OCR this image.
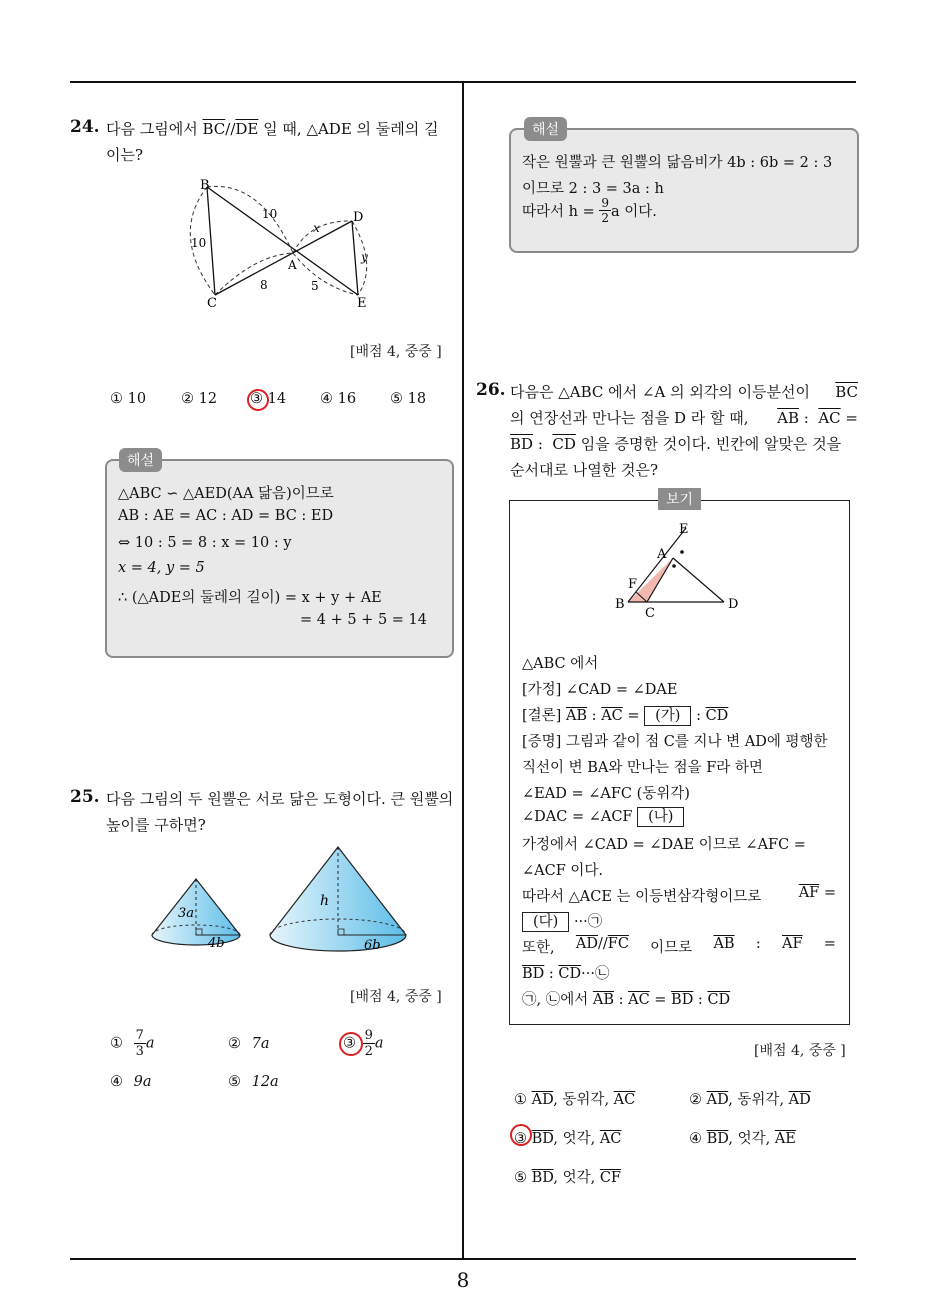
24. 다음 그림에서 $\overline{BC}//\overline{DE}$ 일 때, △ADE 의 둘레의 길
이는?
B
C
D
E
A
10
10
x
y
8	5
[배점 4, 중중 ]
① 10 ② 12 ③ 14 ④ 16 ⑤ 18
해설
△ABC ∽ △AED(AA 닮음)이므로
AB : AE = AC : AD = BC : ED
⇔ 10 : 5 = 8 : x = 10 : y
x = 4, y = 5
∴ (△ADE의 둘레의 길이) = x + y + AE
= 4 + 5 + 5 = 14
25. 다음 그림의 두 원뿔은 서로 닮은 도형이다. 큰 원뿔의
높이를 구하면?
3a
4b
h
6b
[배점 4, 중중 ]
① $\frac{7}{3}$ a	② 7a	③ $\frac{9}{2}$ a
④ 9a	⑤ 12a
해설
작은 원뿔과 큰 원뿔의 닮음비가 4b : 6b = 2 : 3
이므로 2 : 3 = 3a : h
따라서 $h = \frac{9}{2}$ a 이다.
26. 다음은 △ABC 에서 ∠A 의 외각의 이등분선이 $\overline{BC}$
의 연장선과 만나는 점을 D 라 할 때, $\overline{AB}$ :  $\overline{AC}$ =
$\overline{BD}$ :  $\overline{CD}$ 임을 증명한 것이다. 빈칸에 알맞은 것을
순서대로 나열한 것은?
보기
E
A
F
B
C
D
△ABC 에서
[가정] ∠CAD = ∠DAE
[결론] $\overline{AB}$ : $\overline{AC}$ = (가) : $\overline{CD}$
[증명] 그림과 같이 점 C를 지나 변 AD에 평행한
직선이 변 BA와 만나는 점을 F라 하면
∠EAD = ∠AFC (동위각)
∠DAC = ∠ACF (나)
가정에서 ∠CAD = ∠DAE 이므로 ∠AFC =
∠ACF 이다.
따라서 △ACE 는 이등변삼각형이므로	$\overline{AF}$ =
(다) ···㉠
또한, $\overline{AD}//\overline{FC}$ 이므로 $\overline{AB}$ : $\overline{AF}$ =
$\overline{BD}$ : $\overline{CD}\cdot\cdot\cdot㉡$
㉠, ㉡에서 $\overline{AB}$ : $\overline{AC} = \overline{BD}$ : $\overline{CD}$
[배점 4, 중중 ]
① $\overline{AD}$, 동위각, $\overline{AC}$	② $\overline{AD}$, 동위각, $\overline{AD}$
③ $\overline{BD}$, 엇각, $\overline{AC}$	④ $\overline{BD}$, 엇각, $\overline{AE}$
⑤ $\overline{BD}$, 엇각, $\overline{CF}$
8
